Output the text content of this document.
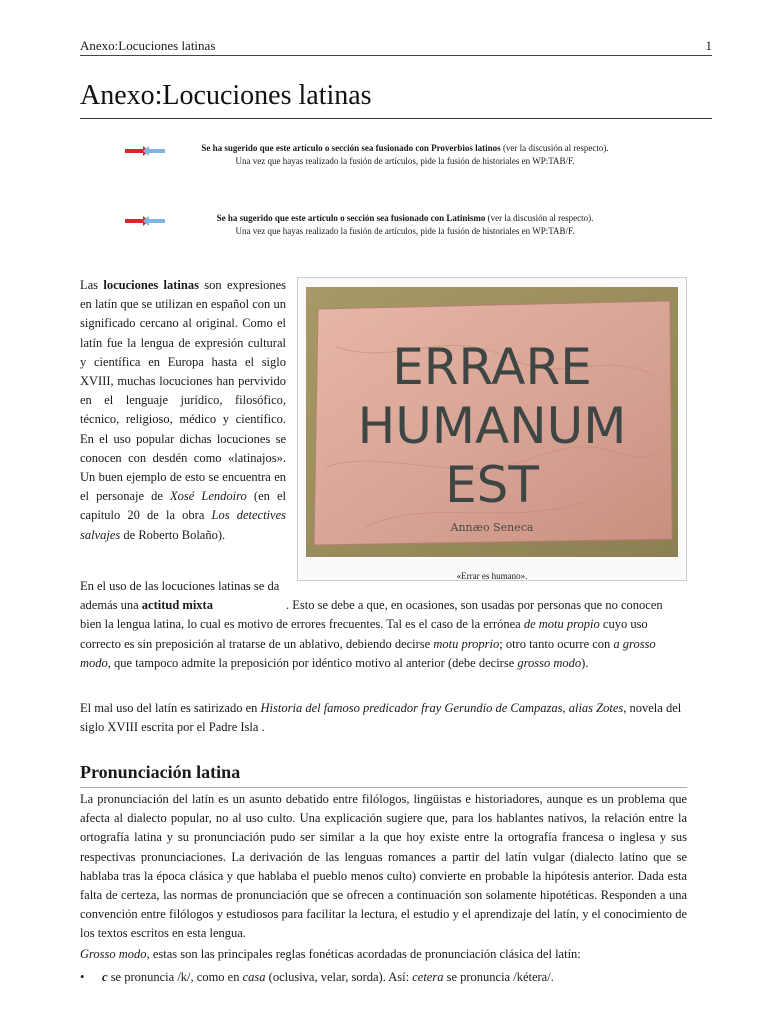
Anexo:Locuciones latinas	1
Anexo:Locuciones latinas
Se ha sugerido que este artículo o sección sea fusionado con Proverbios latinos (ver la discusión al respecto).
Una vez que hayas realizado la fusión de artículos, pide la fusión de historiales en WP:TAB/F.
Se ha sugerido que este artículo o sección sea fusionado con Latinismo (ver la discusión al respecto).
Una vez que hayas realizado la fusión de artículos, pide la fusión de historiales en WP:TAB/F.

Las locuciones latinas son expresiones en latín que se utilizan en español con un significado cercano al original. Como el latín fue la lengua de expresión cultural y científica en Europa hasta el siglo XVIII, muchas locuciones han pervivido en el lenguaje jurídico, filosófico, técnico, religioso, médico y científico. En el uso popular dichas locuciones se conocen con desdén como «latinajos». Un buen ejemplo de esto se encuentra en el personaje de Xosé Lendoiro (en el capítulo 20 de la obra Los detectives salvajes de Roberto Bolaño).

ERRARE
HUMANUM
EST
Annæo Seneca
«Errar es humano».

En el uso de las locuciones latinas se da además una actitud mixta	. Esto se debe a que, en ocasiones, son usadas por personas que no conocen bien la lengua latina, lo cual es motivo de errores frecuentes. Tal es el caso de la errónea de motu propio cuyo uso correcto es sin preposición al tratarse de un ablativo, debiendo decirse motu proprio; otro tanto ocurre con a grosso modo, que tampoco admite la preposición por idéntico motivo al anterior (debe decirse grosso modo).

El mal uso del latín es satirizado en Historia del famoso predicador fray Gerundio de Campazas, alias Zotes, novela del siglo XVIII escrita por el Padre Isla .

Pronunciación latina

La pronunciación del latín es un asunto debatido entre filólogos, lingüistas e historiadores, aunque es un problema que afecta al dialecto popular, no al uso culto. Una explicación sugiere que, para los hablantes nativos, la relación entre la ortografía latina y su pronunciación pudo ser similar a la que hoy existe entre la ortografía francesa o inglesa y sus respectivas pronunciaciones. La derivación de las lenguas romances a partir del latín vulgar (dialecto latino que se hablaba tras la época clásica y que hablaba el pueblo menos culto) convierte en probable la hipótesis anterior. Dada esta falta de certeza, las normas de pronunciación que se ofrecen a continuación son solamente hipotéticas. Responden a una convención entre filólogos y estudiosos para facilitar la lectura, el estudio y el aprendizaje del latín, y el conocimiento de los textos escritos en esta lengua.

Grosso modo, estas son las principales reglas fonéticas acordadas de pronunciación clásica del latín:

• c se pronuncia /k/, como en casa (oclusiva, velar, sorda). Así: cetera se pronuncia /kétera/.
